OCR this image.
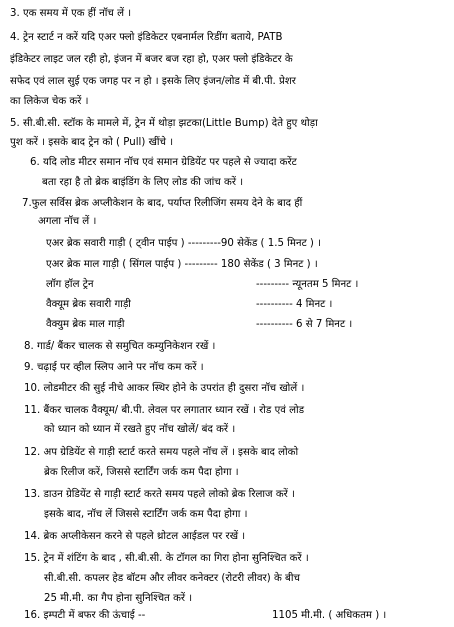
3. एक समय में एक हीं नॉच लें ।
4. ट्रेन स्टार्ट न करें यदि एअर फ्लो इंडिकेटर एबनार्मल रिडींग बताये, PATB
इंडिकेटर लाइट जल रही हो, इंजन में बजर बज रहा हो, एअर फ्लो इंडिकेटर के
सफेद एवं लाल सुई एक जगह पर न हो । इसके लिए इंजन/लोड में बी.पी. प्रेशर
का लिकेज चेक करें ।
5. सी.बी.सी. स्टॉक के मामले में, ट्रेन में थोड़ा झटका(Little Bump) देते हुए थोड़ा
पुश करें । इसके बाद ट्रेन को ( Pull) खींचे ।
6. यदि लोड मीटर समान नॉच एवं समान ग्रेडियेंट पर पहले से ज्यादा करेंट
बता रहा है तो ब्रेक बाइंडिंग के लिए लोड की जांच करें ।
7.फुल सर्विस ब्रेक अप्लीकेशन के बाद, पर्याप्त रिलीजिंग समय देने के बाद हीं
अगला नॉच लें ।
एअर ब्रेक सवारी गाड़ी ( ट्वीन पाईप ) ---------90 सेकेंड ( 1.5 मिनट ) ।
एअर ब्रेक माल गाड़ी ( सिंगल पाईप ) --------- 180 सेकेंड ( 3 मिनट ) ।
लॉग हॉल ट्रेन	--------- न्यूनतम 5 मिनट ।
वैक्यूम ब्रेक सवारी गाड़ी	---------- 4 मिनट ।
वैक्युम ब्रेक माल गाड़ी	---------- 6 से 7 मिनट ।
8. गार्ड/ बैंकर चालक से समुचित कम्युनिकेशन रखें ।
9. चढ़ाई पर व्हील स्लिप आने पर नॉच कम करें ।
10. लोडमीटर की सुई नीचे आकर स्थिर होने के उपरांत ही दुसरा नॉच खोलें ।
11. बैंकर चालक वैक्यूम/ बी.पी. लेवल पर लगातार ध्यान रखें । रोड एवं लोड
को ध्यान को ध्यान में रखते हुए नॉच खोलें/ बंद करें ।
12. अप ग्रेडियेंट से गाड़ी स्टार्ट करते समय पहले नॉच लें । इसके बाद लोको
ब्रेक रिलीज करें, जिससे स्टार्टिंग जर्क कम पैदा होगा ।
13. डाउन ग्रेडियेंट से गाड़ी स्टार्ट करते समय पहले लोको ब्रेक रिलाज करें ।
इसके बाद, नॉच लें जिससे स्टार्टिंग जर्क कम पैदा होगा ।
14. ब्रेक अप्लीकेसन करने से पहले थ्रोटल आईडल पर रखें ।
15. ट्रेन में शंटिंग के बाद , सी.बी.सी. के टॉगल का गिरा होना सुनिश्चित करें ।
सी.बी.सी. कपलर हेड बॉटम और लीवर कनेक्टर (रोटरी लीवर) के बीच
25 मी.मी. का गैप होना सुनिश्चित करें ।
16. इम्पटी में बफर की ऊंचाई --	1105 मी.मी. ( अधिकतम ) ।
